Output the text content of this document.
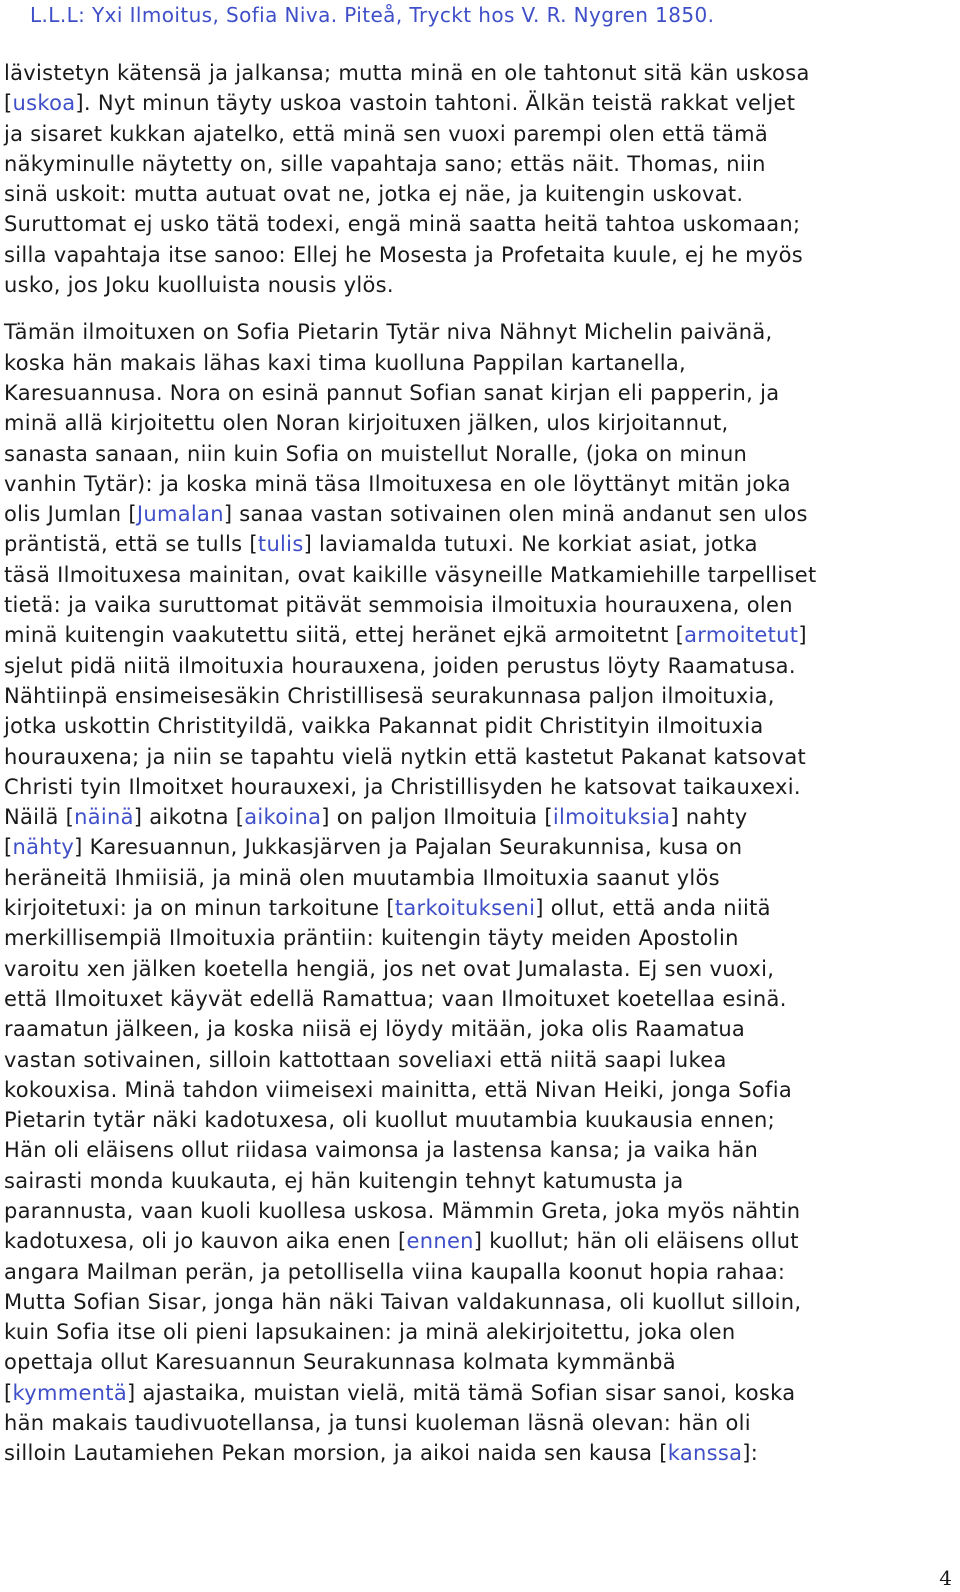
L.L.L: Yxi Ilmoitus, Sofia Niva. Piteå, Tryckt hos V. R. Nygren 1850.

lävistetyn kätensä ja jalkansa; mutta minä en ole tahtonut sitä kän uskosa
[uskoa]. Nyt minun täyty uskoa vastoin tahtoni. Älkän teistä rakkat veljet
ja sisaret kukkan ajatelko, että minä sen vuoxi parempi olen että tämä
näkyminulle näytetty on, sille vapahtaja sano; ettäs näit. Thomas, niin
sinä uskoit: mutta autuat ovat ne, jotka ej näe, ja kuitengin uskovat.
Suruttomat ej usko tätä todexi, engä minä saatta heitä tahtoa uskomaan;
silla vapahtaja itse sanoo: Ellej he Mosesta ja Profetaita kuule, ej he myös
usko, jos Joku kuolluista nousis ylös.

Tämän ilmoituxen on Sofia Pietarin Tytär niva Nähnyt Michelin paivänä,
koska hän makais lähas kaxi tima kuolluna Pappilan kartanella,
Karesuannusa. Nora on esinä pannut Sofian sanat kirjan eli papperin, ja
minä allä kirjoitettu olen Noran kirjoituxen jälken, ulos kirjoitannut,
sanasta sanaan, niin kuin Sofia on muistellut Noralle, (joka on minun
vanhin Tytär): ja koska minä täsa Ilmoituxesa en ole löyttänyt mitän joka
olis Jumlan [Jumalan] sanaa vastan sotivainen olen minä andanut sen ulos
präntistä, että se tulls [tulis] laviamalda tutuxi. Ne korkiat asiat, jotka
täsä Ilmoituxesa mainitan, ovat kaikille väsyneille Matkamiehille tarpelliset
tietä: ja vaika suruttomat pitävät semmoisia ilmoituxia hourauxena, olen
minä kuitengin vaakutettu siitä, ettej heränet ejkä armoitetnt [armoitetut]
sjelut pidä niitä ilmoituxia hourauxena, joiden perustus löyty Raamatusa.
Nähtiinpä ensimeisesäkin Christillisesä seurakunnasa paljon ilmoituxia,
jotka uskottin Christityildä, vaikka Pakannat pidit Christityin ilmoituxia
hourauxena; ja niin se tapahtu vielä nytkin että kastetut Pakanat katsovat
Christi tyin Ilmoitxet hourauxexi, ja Christillisyden he katsovat taikauxexi.
Näilä [näinä] aikotna [aikoina] on paljon Ilmoituia [ilmoituksia] nahty
[nähty] Karesuannun, Jukkasjärven ja Pajalan Seurakunnisa, kusa on
heräneitä Ihmiisiä, ja minä olen muutambia Ilmoituxia saanut ylös
kirjoitetuxi: ja on minun tarkoitune [tarkoitukseni] ollut, että anda niitä
merkillisempiä Ilmoituxia präntiin: kuitengin täyty meiden Apostolin
varoitu xen jälken koetella hengiä, jos net ovat Jumalasta. Ej sen vuoxi,
että Ilmoituxet käyvät edellä Ramattua; vaan Ilmoituxet koetellaa esinä.
raamatun jälkeen, ja koska niisä ej löydy mitään, joka olis Raamatua
vastan sotivainen, silloin kattottaan soveliaxi että niitä saapi lukea
kokouxisa. Minä tahdon viimeisexi mainitta, että Nivan Heiki, jonga Sofia
Pietarin tytär näki kadotuxesa, oli kuollut muutambia kuukausia ennen;
Hän oli eläisens ollut riidasa vaimonsa ja lastensa kansa; ja vaika hän
sairasti monda kuukauta, ej hän kuitengin tehnyt katumusta ja
parannusta, vaan kuoli kuollesa uskosa. Mämmin Greta, joka myös nähtin
kadotuxesa, oli jo kauvon aika enen [ennen] kuollut; hän oli eläisens ollut
angara Mailman perän, ja petollisella viina kaupalla koonut hopia rahaa:
Mutta Sofian Sisar, jonga hän näki Taivan valdakunnasa, oli kuollut silloin,
kuin Sofia itse oli pieni lapsukainen: ja minä alekirjoitettu, joka olen
opettaja ollut Karesuannun Seurakunnasa kolmata kymmänbä
[kymmentä] ajastaika, muistan vielä, mitä tämä Sofian sisar sanoi, koska
hän makais taudivuotellansa, ja tunsi kuoleman läsnä olevan: hän oli
silloin Lautamiehen Pekan morsion, ja aikoi naida sen kausa [kanssa]:

4
